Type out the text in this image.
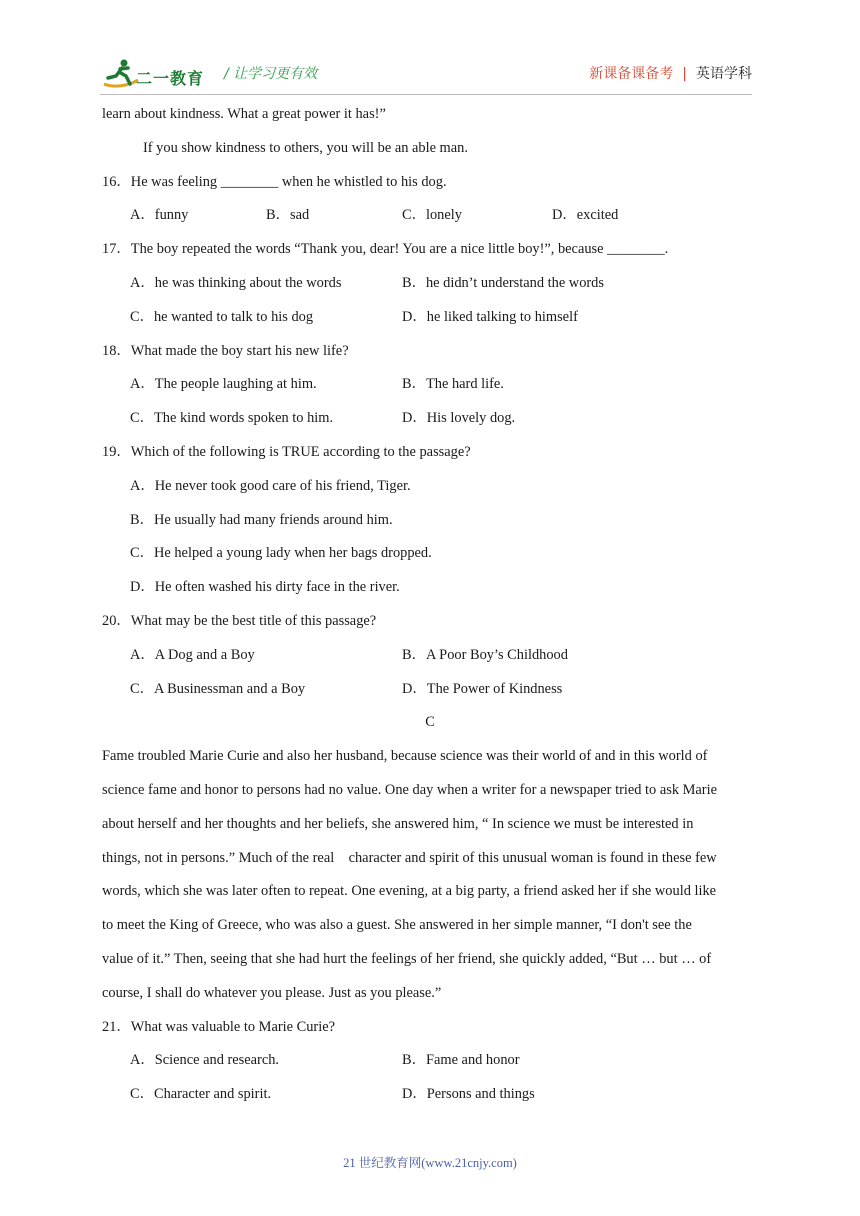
二一教育 / 让学习更有效	新课备课备考 | 英语学科
learn about kindness. What a great power it has!”
If you show kindness to others, you will be an able man.
16．He was feeling ________ when he whistled to his dog.
A．funny	B．sad	C．lonely	D．excited
17．The boy repeated the words “Thank you, dear! You are a nice little boy!”, because ________.
A．he was thinking about the words	B．he didn’t understand the words
C．he wanted to talk to his dog	D．he liked talking to himself
18．What made the boy start his new life?
A．The people laughing at him.	B．The hard life.
C．The kind words spoken to him.	D．His lovely dog.
19．Which of the following is TRUE according to the passage?
A．He never took good care of his friend, Tiger.
B．He usually had many friends around him.
C．He helped a young lady when her bags dropped.
D．He often washed his dirty face in the river.
20．What may be the best title of this passage?
A．A Dog and a Boy	B．A Poor Boy’s Childhood
C．A Businessman and a Boy	D．The Power of Kindness
C
Fame troubled Marie Curie and also her husband, because science was their world of and in this world of
science fame and honor to persons had no value. One day when a writer for a newspaper tried to ask Marie
about herself and her thoughts and her beliefs, she answered him, “ In science we must be interested in
things, not in persons.” Much of the real    character and spirit of this unusual woman is found in these few
words, which she was later often to repeat. One evening, at a big party, a friend asked her if she would like
to meet the King of Greece, who was also a guest. She answered in her simple manner, “I don't see the
value of it.” Then, seeing that she had hurt the feelings of her friend, she quickly added, “But … but … of
course, I shall do whatever you please. Just as you please.”
21．What was valuable to Marie Curie?
A．Science and research.	B．Fame and honor
C．Character and spirit.	D．Persons and things
21 世纪教育网(www.21cnjy.com)
